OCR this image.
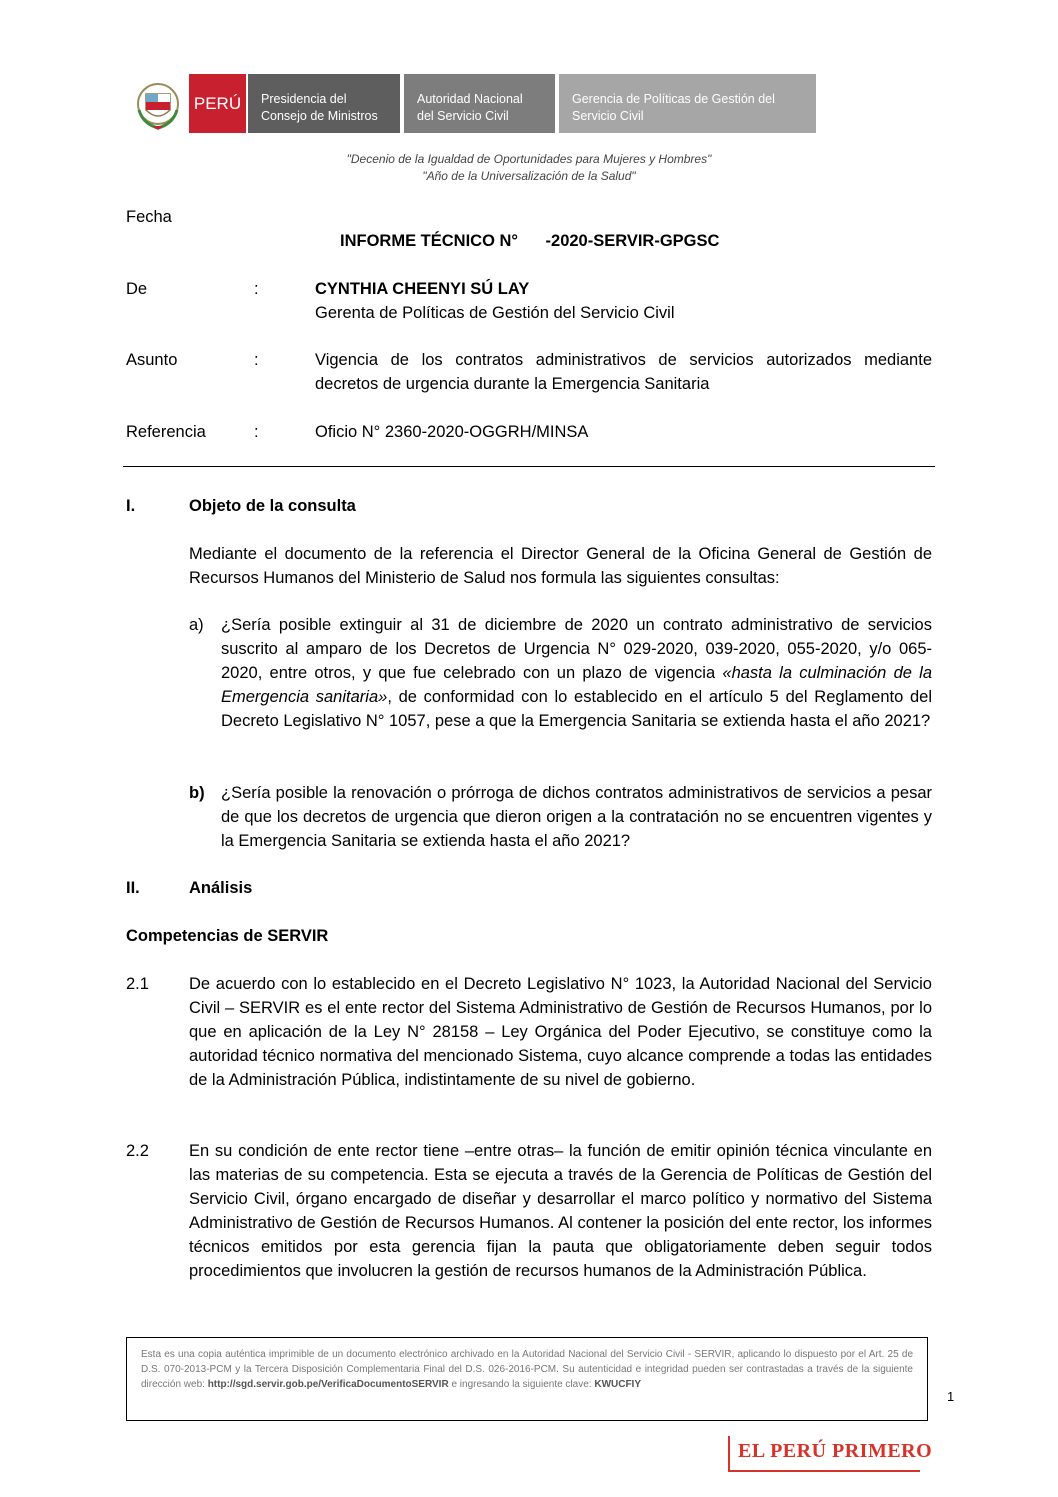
PERÚ Presidencia del
Consejo de Ministros
Autoridad Nacional
del Servicio Civil
Gerencia de Políticas de Gestión del
Servicio Civil
"Decenio de la Igualdad de Oportunidades para Mujeres y Hombres"
"Año de la Universalización de la Salud"
Fecha
INFORME TÉCNICO N°      -2020-SERVIR-GPGSC
De	:	CYNTHIA CHEENYI SÚ LAY
Gerenta de Políticas de Gestión del Servicio Civil
Asunto	:	Vigencia de los contratos administrativos de servicios autorizados mediante
decretos de urgencia durante la Emergencia Sanitaria
Referencia	:	Oficio N° 2360-2020-OGGRH/MINSA
I.	Objeto de la consulta
Mediante el documento de la referencia el Director General de la Oficina General de Gestión de Recursos Humanos del Ministerio de Salud nos formula las siguientes consultas:
a) ¿Sería posible extinguir al 31 de diciembre de 2020 un contrato administrativo de servicios suscrito al amparo de los Decretos de Urgencia N° 029-2020, 039-2020, 055-2020, y/o 065-2020, entre otros, y que fue celebrado con un plazo de vigencia «hasta la culminación de la Emergencia sanitaria», de conformidad con lo establecido en el artículo 5 del Reglamento del Decreto Legislativo N° 1057, pese a que la Emergencia Sanitaria se extienda hasta el año 2021?
b) ¿Sería posible la renovación o prórroga de dichos contratos administrativos de servicios a pesar de que los decretos de urgencia que dieron origen a la contratación no se encuentren vigentes y la Emergencia Sanitaria se extienda hasta el año 2021?
II.	Análisis
Competencias de SERVIR
2.1 De acuerdo con lo establecido en el Decreto Legislativo N° 1023, la Autoridad Nacional del Servicio Civil – SERVIR es el ente rector del Sistema Administrativo de Gestión de Recursos Humanos, por lo que en aplicación de la Ley N° 28158 – Ley Orgánica del Poder Ejecutivo, se constituye como la autoridad técnico normativa del mencionado Sistema, cuyo alcance comprende a todas las entidades de la Administración Pública, indistintamente de su nivel de gobierno.
2.2 En su condición de ente rector tiene –entre otras– la función de emitir opinión técnica vinculante en las materias de su competencia. Esta se ejecuta a través de la Gerencia de Políticas de Gestión del Servicio Civil, órgano encargado de diseñar y desarrollar el marco político y normativo del Sistema Administrativo de Gestión de Recursos Humanos. Al contener la posición del ente rector, los informes técnicos emitidos por esta gerencia fijan la pauta que obligatoriamente deben seguir todos procedimientos que involucren la gestión de recursos humanos de la Administración Pública.
Esta es una copia auténtica imprimible de un documento electrónico archivado en la Autoridad Nacional del Servicio Civil - SERVIR, aplicando lo dispuesto por el Art. 25 de D.S. 070-2013-PCM y la Tercera Disposición Complementaria Final del D.S. 026-2016-PCM. Su autenticidad e integridad pueden ser contrastadas a través de la siguiente dirección web: http://sgd.servir.gob.pe/VerificaDocumentoSERVIR e ingresando la siguiente clave: KWUCFIY
1
EL PERÚ PRIMERO
